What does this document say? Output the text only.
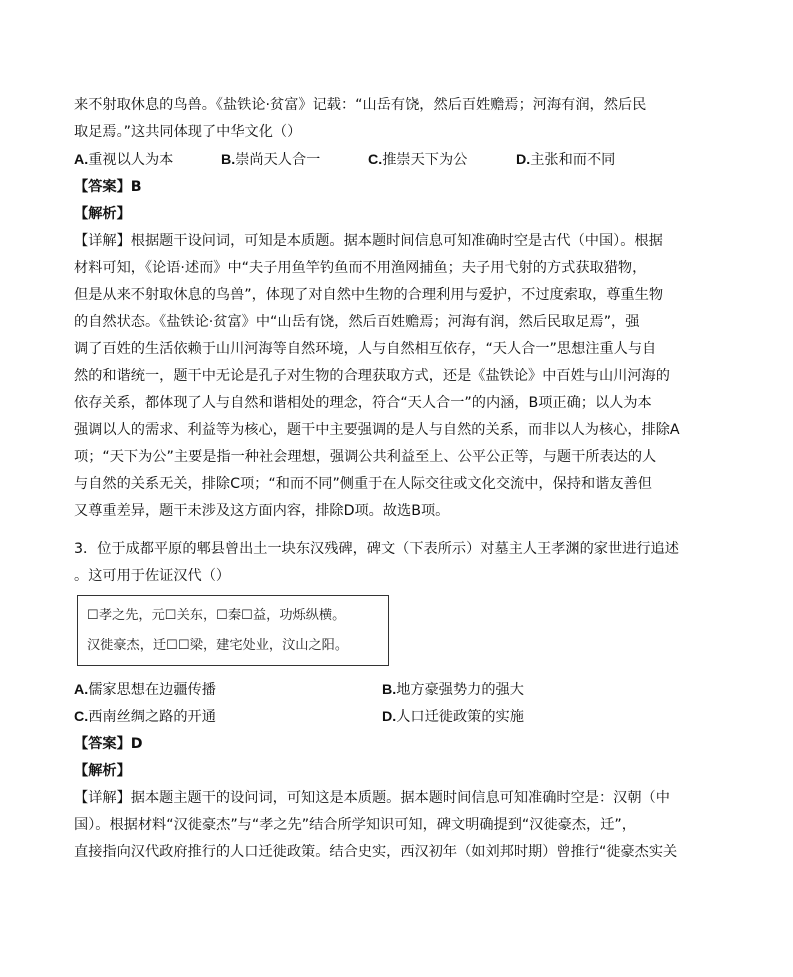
来不射取休息的鸟兽。《盐铁论·贫富》记载：“山岳有饶，然后百姓赡焉；河海有润，然后民
取足焉。”这共同体现了中华文化（）
A.重视以人为本	B.崇尚天人合一	C.推崇天下为公	D.主张和而不同
【答案】B
【解析】
【详解】根据题干设问词，可知是本质题。据本题时间信息可知准确时空是古代（中国）。根据
材料可知，《论语·述而》中“夫子用鱼竿钓鱼而不用渔网捕鱼；夫子用弋射的方式获取猎物，
但是从来不射取休息的鸟兽”，体现了对自然中生物的合理利用与爱护，不过度索取，尊重生物
的自然状态。《盐铁论·贫富》中“山岳有饶，然后百姓赡焉；河海有润，然后民取足焉”，强
调了百姓的生活依赖于山川河海等自然环境，人与自然相互依存，“天人合一”思想注重人与自
然的和谐统一，题干中无论是孔子对生物的合理获取方式，还是《盐铁论》中百姓与山川河海的
依存关系，都体现了人与自然和谐相处的理念，符合“天人合一”的内涵，B项正确；以人为本
强调以人的需求、利益等为核心，题干中主要强调的是人与自然的关系，而非以人为核心，排除A
项；“天下为公”主要是指一种社会理想，强调公共利益至上、公平公正等，与题干所表达的人
与自然的关系无关，排除C项；“和而不同”侧重于在人际交往或文化交流中，保持和谐友善但
又尊重差异，题干未涉及这方面内容，排除D项。故选B项。
3．位于成都平原的郫县曾出土一块东汉残碑，碑文（下表所示）对墓主人王孝渊的家世进行追述
。这可用于佐证汉代（）
☐孝之先，元☐关东，☐秦☐益，功烁纵横。
汉徙豪杰，迁☐☐梁，建宅处业，汶山之阳。
A.儒家思想在边疆传播	B.地方豪强势力的强大
C.西南丝绸之路的开通	D.人口迁徙政策的实施
【答案】D
【解析】
【详解】据本题主题干的设问词，可知这是本质题。据本题时间信息可知准确时空是：汉朝（中
国）。根据材料“汉徙豪杰”与“孝之先”结合所学知识可知，碑文明确提到“汉徙豪杰，迁”，
直接指向汉代政府推行的人口迁徙政策。结合史实，西汉初年（如刘邦时期）曾推行“徙豪杰实关
